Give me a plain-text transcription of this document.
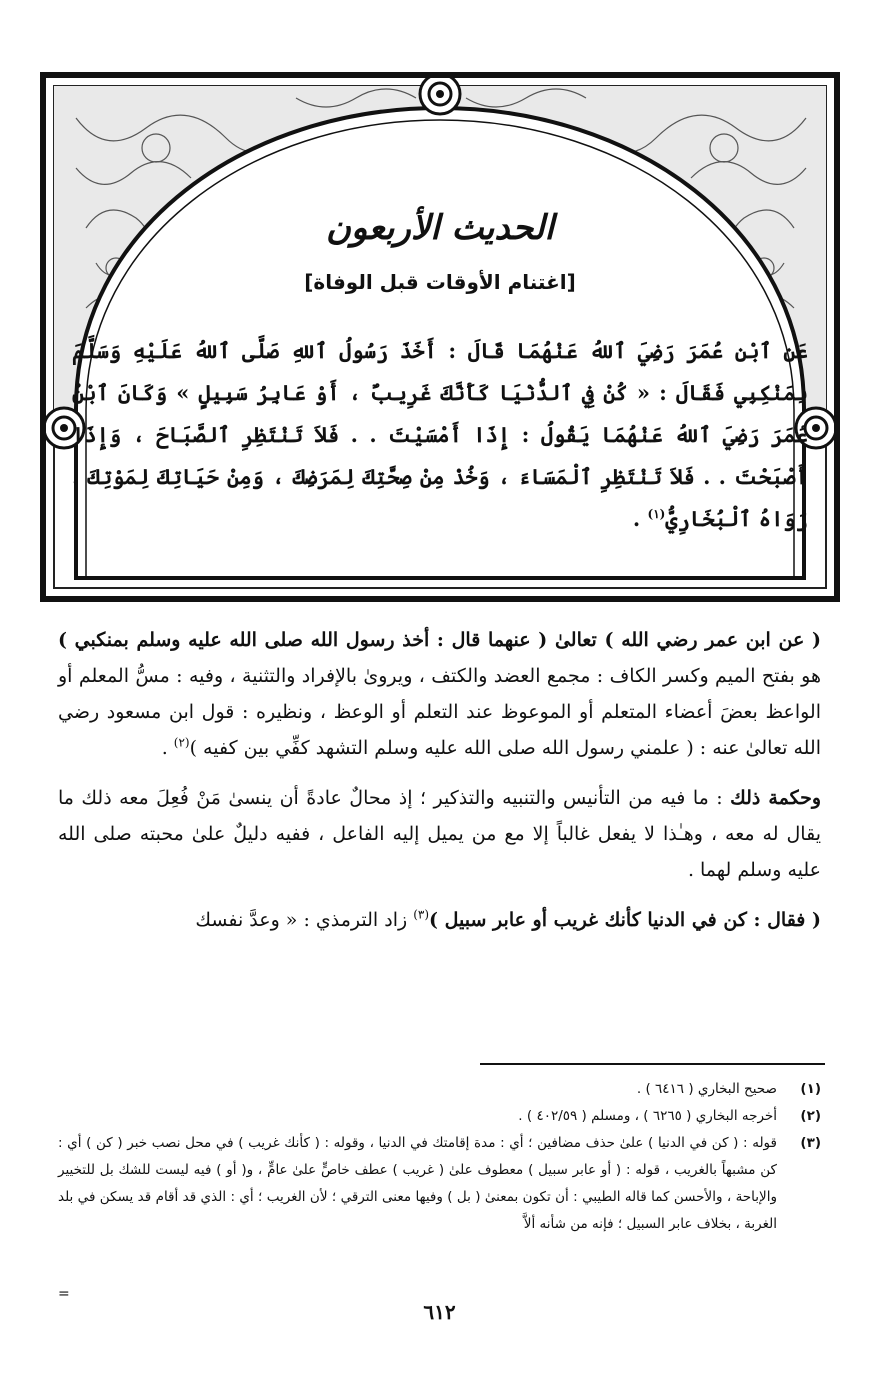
الحديث الأربعون
[اغتنام الأوقات قبل الوفاة]
عَنِ ٱبْنِ عُمَرَ رَضِيَ ٱللهُ عَنْهُمَا قَالَ : أَخَذَ رَسُولُ ٱللهِ صَلَّى ٱللهُ عَلَيْهِ وَسَلَّمَ بِمَنْكِبِي فَقَالَ : « كُنْ فِي ٱلدُّنْيَا كَأَنَّكَ غَرِيبٌ ، أَوْ عَابِرُ سَبِيلٍ » وَكَانَ ٱبْنُ عُمَرَ رَضِيَ ٱللهُ عَنْهُمَا يَقُولُ : إِذَا أَمْسَيْتَ . . فَلاَ تَنْتَظِرِ ٱلصَّبَاحَ ، وَإِذَا أَصْبَحْتَ . . فَلاَ تَنْتَظِرِ ٱلْمَسَاءَ ، وَخُذْ مِنْ صِحَّتِكَ لِمَرَضِكَ ، وَمِنْ حَيَاتِكَ لِمَوْتِكَ . رَوَاهُ ٱلْبُخَارِيُّ$^{(١)}$ .

( عن ابن عمر رضي الله ) تعالىٰ ( عنهما قال : أخذ رسول الله صلى الله عليه وسلم بمنكبي ) هو بفتح الميم وكسر الكاف : مجمع العضد والكتف ، ويروىٰ بالإفراد والتثنية ، وفيه : مسُّ المعلم أو الواعظ بعضَ أعضاء المتعلم أو الموعوظ عند التعلم أو الوعظ ، ونظيره : قول ابن مسعود رضي الله تعالىٰ عنه : ( علمني رسول الله صلى الله عليه وسلم التشهد كفِّي بين كفيه )$^{(٢)}$ .

وحكمة ذلك : ما فيه من التأنيس والتنبيه والتذكير ؛ إذ محالٌ عادةً أن ينسىٰ مَنْ فُعِلَ معه ذلك ما يقال له معه ، وهـٰذا لا يفعل غالباً إلا مع من يميل إليه الفاعل ، ففيه دليلٌ علىٰ محبته صلى الله عليه وسلم لهما .

( فقال : كن في الدنيا كأنك غريب أو عابر سبيل )$^{(٣)}$ زاد الترمذي : « وعدَّ نفسك

(١)
صحيح البخاري ( ٦٤١٦ ) .
(٢)
أخرجه البخاري ( ٦٢٦٥ ) ، ومسلم ( ٤٠٢/٥٩ ) .
(٣)
قوله : ( كن في الدنيا ) علىٰ حذف مضافين ؛ أي : مدة إقامتك في الدنيا ، وقوله : ( كأنك غريب ) في محل نصب خبر ( كن ) أي : كن مشبهاً بالغريب ، قوله : ( أو عابر سبيل ) معطوف علىٰ ( غريب ) عطف خاصٍّ علىٰ عامٍّ ، و( أو ) فيه ليست للشك بل للتخيير والإباحة ، والأحسن كما قاله الطيبي : أن تكون بمعنىٰ ( بل ) وفيها معنى الترقي ؛ لأن الغريب ؛ أي : الذي قد أقام قد يسكن في بلد الغربة ، بخلاف عابر السبيل ؛ فإنه من شأنه ألاَّ
=
٦١٢
